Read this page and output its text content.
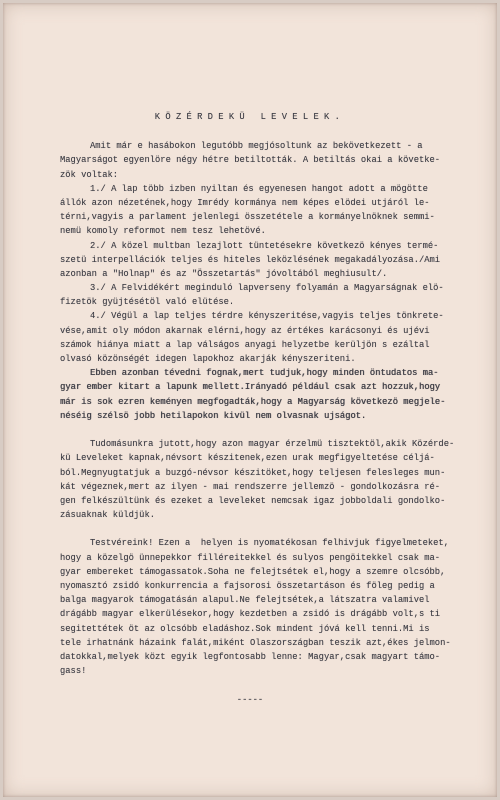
KÖZÉRDEKÜ LEVELEK.
Amit már e hasábokon legutóbb megjósoltunk az bekövetkezett - a
Magyarságot egyenlöre négy hétre betiltották. A betiltás okai a követke-
zök voltak:
1./ A lap több izben nyiltan és egyenesen hangot adott a mögötte
állók azon nézetének,hogy Imrédy kormánya nem képes elödei utjáról le-
térni,vagyis a parlament jelenlegi összetétele a kormányelnöknek semmi-
nemü komoly reformot nem tesz lehetövé.
2./ A közel multban lezajlott tüntetésekre következö kényes termé-
szetü interpellációk teljes és hiteles leközlésének megakadályozása./Ami
azonban a "Holnap" és az "Összetartás" jóvoltából meghiusult/.
3./ A Felvidékért meginduló lapverseny folyamán a Magyarságnak elö-
fizetök gyüjtésétöl való elütése.
4./ Végül a lap teljes térdre kényszeritése,vagyis teljes tönkrete-
vése,amit oly módon akarnak elérni,hogy az értékes karácsonyi és ujévi
számok hiánya miatt a lap válságos anyagi helyzetbe kerüljön s ezáltal
olvasó közönségét idegen lapokhoz akarják kényszeriteni.
Ebben azonban tévedni fognak,mert tudjuk,hogy minden öntudatos ma-
gyar ember kitart a lapunk mellett.Irányadó például csak azt hozzuk,hogy
már is sok ezren keményen megfogadták,hogy a Magyarság következö megjele-
néséig szélsö jobb hetilapokon kivül nem olvasnak ujságot.
Tudomásunkra jutott,hogy azon magyar érzelmü tisztektöl,akik Közérde-
kü Leveleket kapnak,névsort készitenek,ezen urak megfigyeltetése céljá-
ból.Megnyugtatjuk a buzgó-névsor készitöket,hogy teljesen felesleges mun-
kát végeznek,mert az ilyen - mai rendszerre jellemzö - gondolkozásra ré-
gen felkészültünk és ezeket a leveleket nemcsak igaz jobboldali gondolko-
zásuaknak küldjük.
Testvéreink! Ezen a  helyen is nyomatékosan felhivjuk figyelmeteket,
hogy a közelgö ünnepekkor filléreitekkel és sulyos pengöitekkel csak ma-
gyar embereket támogassatok.Soha ne felejtsétek el,hogy a szemre olcsóbb,
nyomasztó zsidó konkurrencia a fajsorosi összetartáson és föleg pedig a
balga magyarok támogatásán alapul.Ne felejtsétek,a látszatra valamivel
drágább magyar elkerülésekor,hogy kezdetben a zsidó is drágább volt,s ti
segitettétek öt az olcsóbb eladáshoz.Sok mindent jóvá kell tenni.Mi is
tele irhatnánk házaink falát,miként Olaszországban teszik azt,ékes jelmon-
datokkal,melyek közt egyik legfontosabb lenne: Magyar,csak magyart támo-
gass!
-----
